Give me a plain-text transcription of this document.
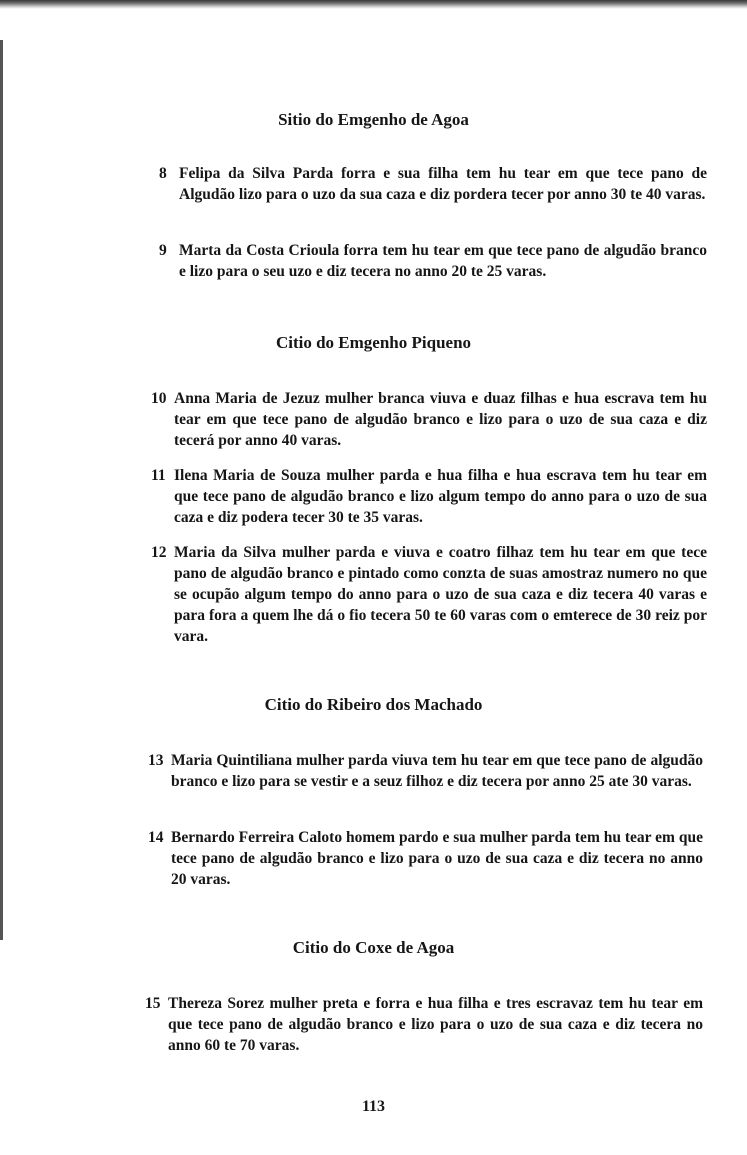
Sitio do Emgenho de Agoa
8 Felipa da Silva Parda forra e sua filha tem hu tear em que tece pano de Algudão lizo para o uzo da sua caza e diz pordera tecer por anno 30 te 40 varas.
9 Marta da Costa Crioula forra tem hu tear em que tece pano de algudão branco e lizo para o seu uzo e diz tecera no anno 20 te 25 varas.
Citio do Emgenho Piqueno
10 Anna Maria de Jezuz mulher branca viuva e duaz filhas e hua escrava tem hu tear em que tece pano de algudão branco e lizo para o uzo de sua caza e diz tecerá por anno 40 varas.
11 Ilena Maria de Souza mulher parda e hua filha e hua escrava tem hu tear em que tece pano de algudão branco e lizo algum tempo do anno para o uzo de sua caza e diz podera tecer 30 te 35 varas.
12 Maria da Silva mulher parda e viuva e coatro filhaz tem hu tear em que tece pano de algudão branco e pintado como conzta de suas amostraz numero no que se ocupão algum tempo do anno para o uzo de sua caza e diz tecera 40 varas e para fora a quem lhe dá o fio tecera 50 te 60 varas com o emterece de 30 reiz por vara.
Citio do Ribeiro dos Machado
13 Maria Quintiliana mulher parda viuva tem hu tear em que tece pano de algudão branco e lizo para se vestir e a seuz filhoz e diz tecera por anno 25 ate 30 varas.
14 Bernardo Ferreira Caloto homem pardo e sua mulher parda tem hu tear em que tece pano de algudão branco e lizo para o uzo de sua caza e diz tecera no anno 20 varas.
Citio do Coxe de Agoa
15 Thereza Sorez mulher preta e forra e hua filha e tres escravaz tem hu tear em que tece pano de algudão branco e lizo para o uzo de sua caza e diz tecera no anno 60 te 70 varas.
113
